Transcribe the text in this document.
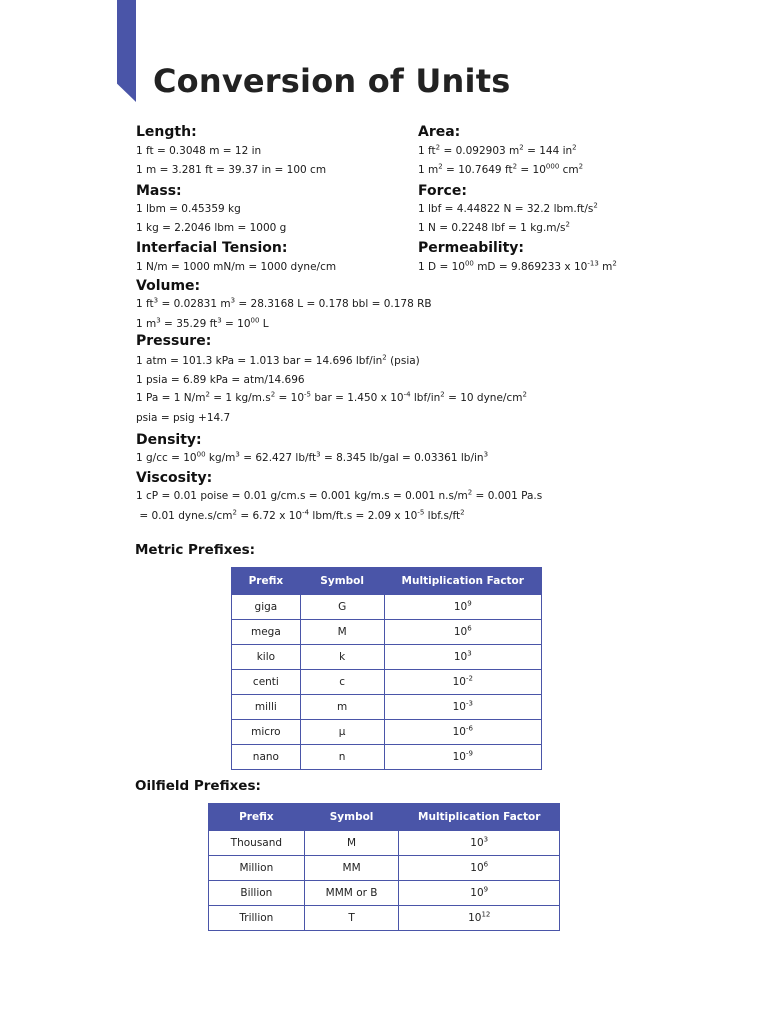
Conversion of Units
Length:

1 ft = 0.3048 m = 12 in

1 m = 3.281 ft = 39.37 in = 100 cm

Mass:

1 lbm = 0.45359 kg

1 kg = 2.2046 lbm = 1000 g

Interfacial Tension:

1 N/m = 1000 mN/m = 1000 dyne/cm

Area:

1 $ft^2 = 0.092903$ $m^2 = 144$ $in^2$

1 $m^2 = 10.7649$ $ft^2 = 10^{000}$ $cm^2$

Force:

1 lbf = 4.44822 N = 32.2 $lbm.ft/s^2$

1 N = 0.2248 lbf = 1 $kg.m/s^2$

Permeability:

1 $D = 10^{00}$ mD = 9.869233 x $10^{-13}$ $m^2$

Volume:

1 $ft^3 = 0.02831$ $m^3 = 28.3168$ L = 0.178 bbl = 0.178 RB

1 $m^3 = 35.29$ $ft^3 = 10^{00}$ L

Pressure:

1 atm = 101.3 kPa = 1.013 bar = 14.696 lbf/$in^2$ (psia)

1 psia = 6.89 kPa = atm/14.696

1 Pa = 1 $N/m^2 = 1$ $kg/m.s^2 = 10^{-5}$ bar = 1.450 x $10^{-4}$ lbf/$in^2 = 10$ dyne/$cm^2$

psia = psig +14.7

Density:

1 $g/cc = 10^{00}$ $kg/m^3 = 62.427$ $lb/ft^3 = 8.345$ lb/gal = 0.03361 $lb/in^3$

Viscosity:

1 cP = 0.01 poise = 0.01 g/cm.s = 0.001 kg/m.s = 0.001 $n.s/m^2 = 0.001$ Pa.s

= 0.01 $dyne.s/cm^2 = 6.72$ x $10^{-4}$ lbm/ft.s = 2.09 x $10^{-5}$ $lbf.s/ft^2$

Metric Prefixes:
Prefix	Symbol	Multiplication Factor
giga	G	$10^9$
mega	M	$10^6$
kilo	k	$10^3$
centi	c	$10^{-2}$
milli	m	$10^{-3}$
micro	μ	$10^{-6}$
nano	n	$10^{-9}$
Oilfield Prefixes:
Prefix	Symbol	Multiplication Factor
Thousand	M	$10^3$
Million	MM	$10^6$
Billion	MMM or B	$10^9$
Trillion	T	$10^{12}$
